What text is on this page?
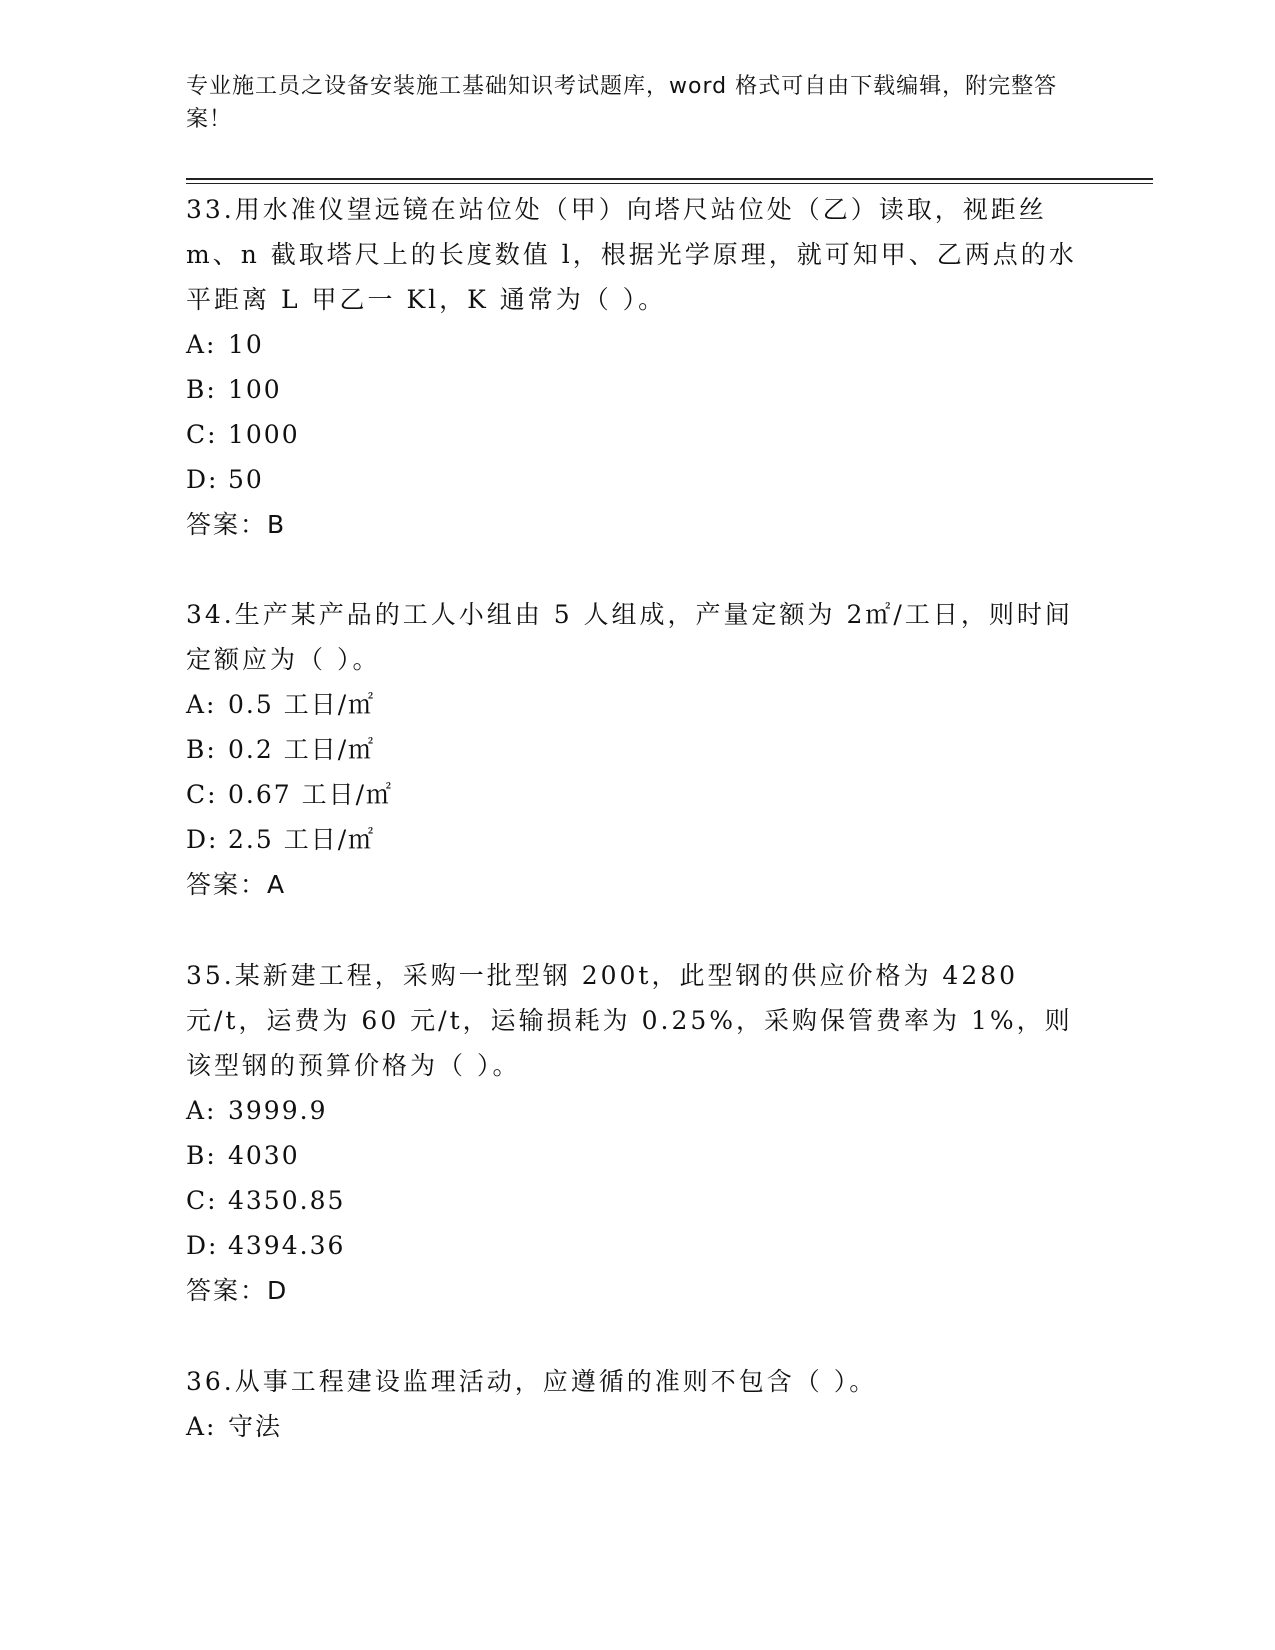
专业施工员之设备安装施工基础知识考试题库，word 格式可自由下载编辑，附完整答案！

33.用水准仪望远镜在站位处（甲）向塔尺站位处（乙）读取，视距丝m、n 截取塔尺上的长度数值 l，根据光学原理，就可知甲、乙两点的水平距离 L 甲乙一 Kl，K 通常为（ ）。

A: 10

B: 100

C: 1000

D: 50

答案：B

34.生产某产品的工人小组由 5 人组成，产量定额为 2㎡/工日，则时间定额应为（ ）。

A: 0.5 工日/㎡

B: 0.2 工日/㎡

C: 0.67 工日/㎡

D: 2.5 工日/㎡

答案：A

35.某新建工程，采购一批型钢 200t，此型钢的供应价格为 4280 元/t，运费为 60 元/t，运输损耗为 0.25%，采购保管费率为 1%，则该型钢的预算价格为（ ）。

A: 3999.9

B: 4030

C: 4350.85

D: 4394.36

答案：D

36.从事工程建设监理活动，应遵循的准则不包含（ ）。

A: 守法
